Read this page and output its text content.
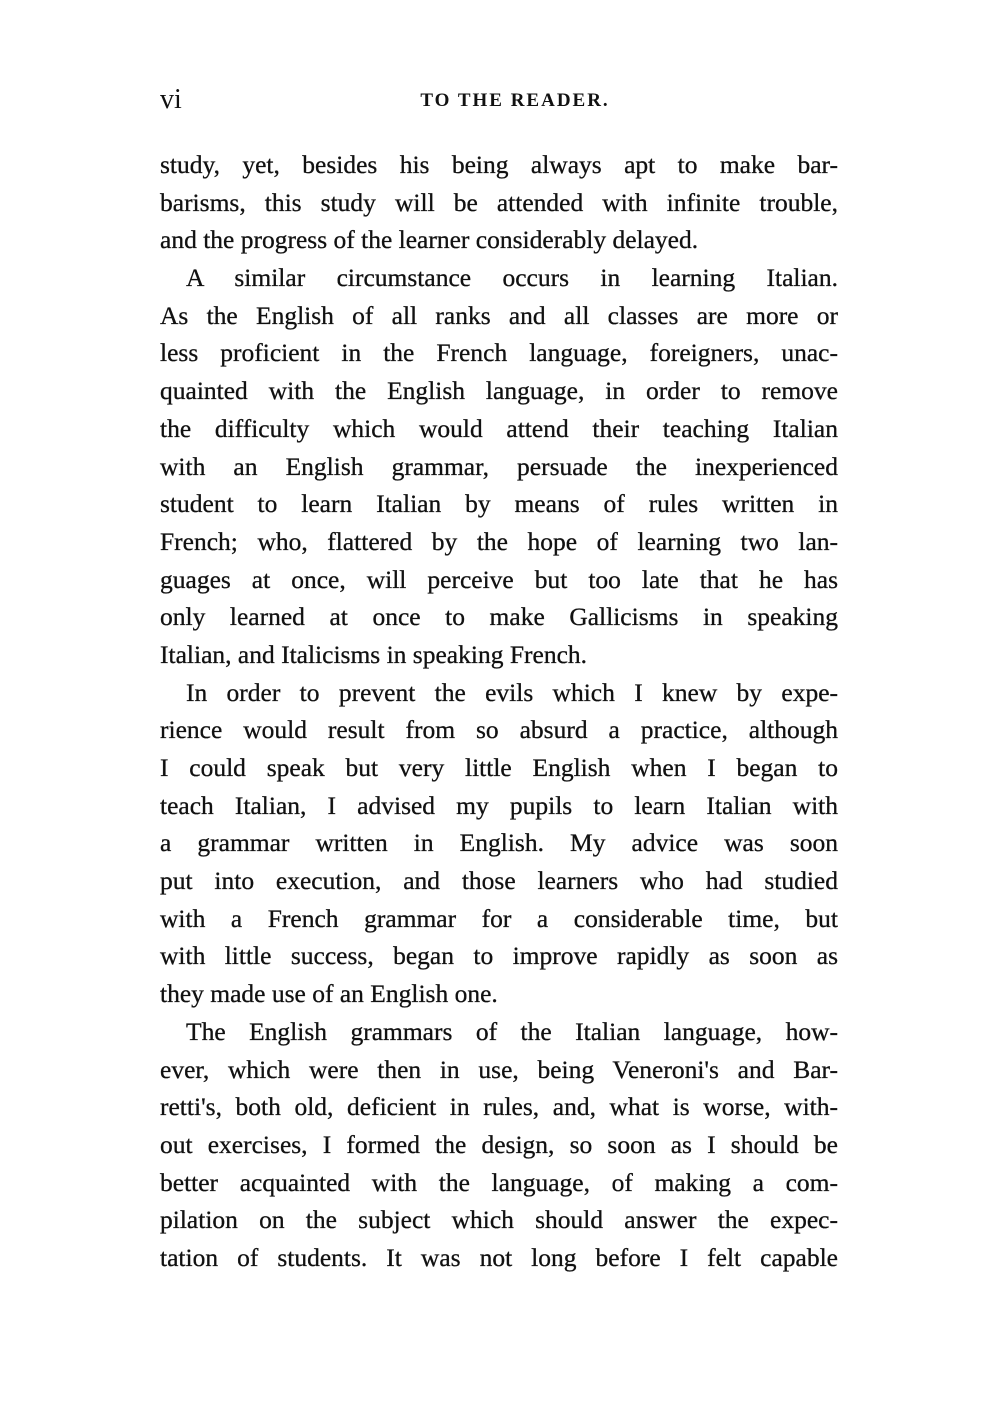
vi	TO THE READER.
study, yet, besides his being always apt to make bar-
barisms, this study will be attended with infinite trouble,
and the progress of the learner considerably delayed.
A similar circumstance occurs in learning Italian.
As the English of all ranks and all classes are more or
less proficient in the French language, foreigners, unac-
quainted with the English language, in order to remove
the difficulty which would attend their teaching Italian
with an English grammar, persuade the inexperienced
student to learn Italian by means of rules written in
French; who, flattered by the hope of learning two lan-
guages at once, will perceive but too late that he has
only learned at once to make Gallicisms in speaking
Italian, and Italicisms in speaking French.
In order to prevent the evils which I knew by expe-
rience would result from so absurd a practice, although
I could speak but very little English when I began to
teach Italian, I advised my pupils to learn Italian with
a grammar written in English. My advice was soon
put into execution, and those learners who had studied
with a French grammar for a considerable time, but
with little success, began to improve rapidly as soon as
they made use of an English one.
The English grammars of the Italian language, how-
ever, which were then in use, being Veneroni's and Bar-
retti's, both old, deficient in rules, and, what is worse, with-
out exercises, I formed the design, so soon as I should be
better acquainted with the language, of making a com-
pilation on the subject which should answer the expec-
tation of students. It was not long before I felt capable
